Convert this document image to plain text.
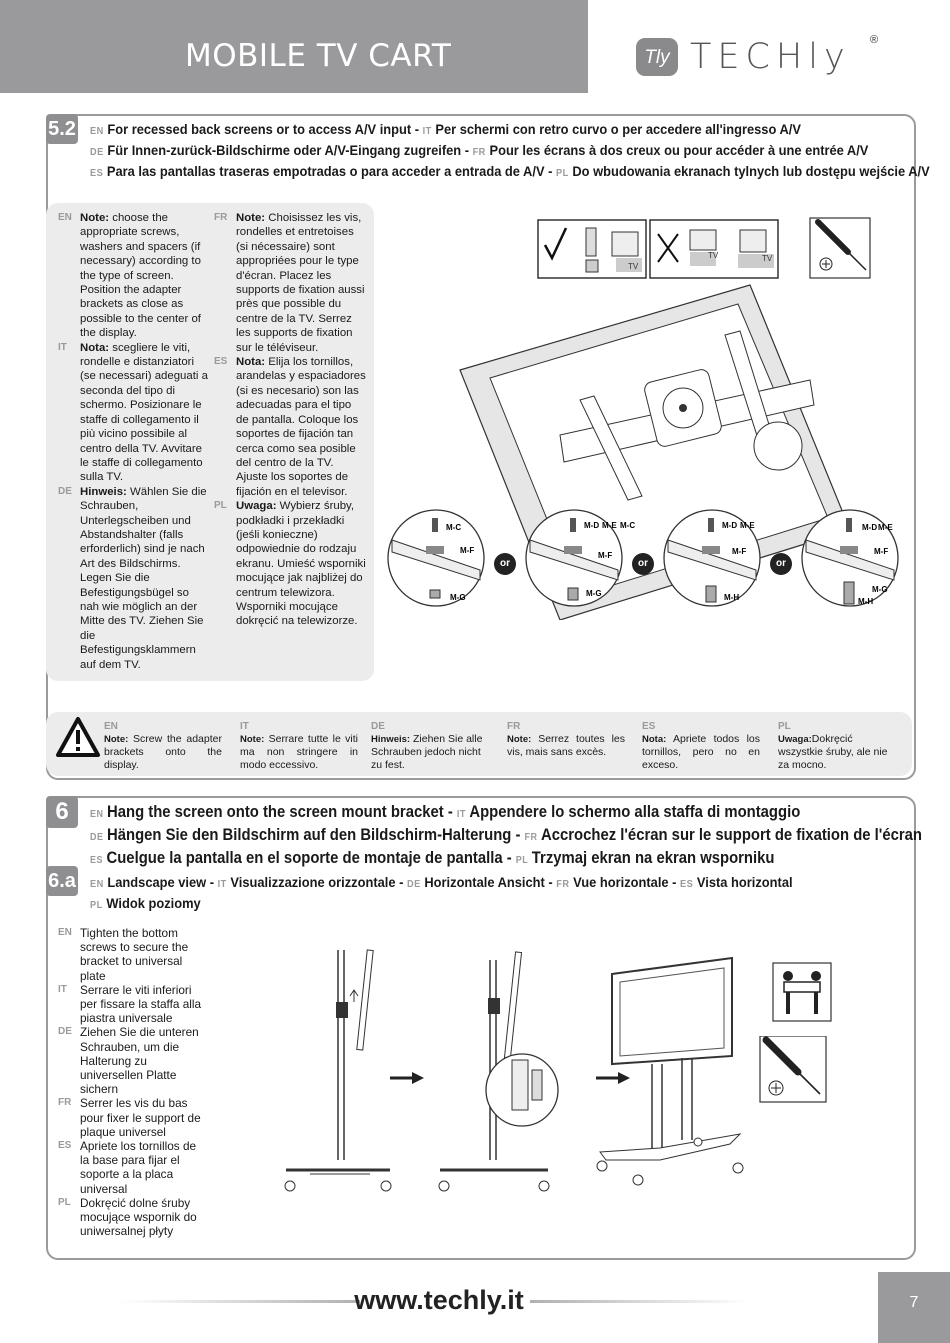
MOBILE TV CART	Tly TECHly ®
5.2 EN For recessed back screens or to access A/V input - IT Per schermi con retro curvo o per accedere all'ingresso A/V
DE Für Innen-zurück-Bildschirme oder A/V-Eingang zugreifen - FR Pour les écrans à dos creux ou pour accéder à une entrée A/V
ES Para las pantallas traseras empotradas o para acceder a entrada de A/V - PL Do wbudowania ekranach tylnych lub dostępu wejście A/V
EN Note: choose the appropriate screws, washers and spacers (if necessary) according to the type of screen. Position the adapter brackets as close as possible to the center of the display.
IT	Nota: scegliere le viti, rondelle e distanziatori (se necessari) adeguati a seconda del tipo di schermo. Posizionare le staffe di collegamento il più vicino possibile al centro della TV. Avvitare le staffe di collegamento sulla TV.
DE Hinweis: Wählen Sie die Schrauben, Unterlegscheiben und Abstandshalter (falls erforderlich) sind je nach Art des Bildschirms. Legen Sie die Befestigungsbügel so nah wie möglich an der Mitte des TV. Ziehen Sie die Befestigungsklammern auf dem TV.
FR Note: Choisissez les vis, rondelles et entretoises (si nécessaire) sont appropriées pour le type d'écran. Placez les supports de fixation aussi près que possible du centre de la TV. Serrez les supports de fixation sur le téléviseur.
ES Nota: Elija los tornillos, arandelas y espaciadores (si es necesario) son las adecuadas para el tipo de pantalla. Coloque los soportes de fijación tan cerca como sea posible del centro de la TV. Ajuste los soportes de fijación en el televisor.
PL Uwaga: Wybierz śruby, podkładki i przekładki (jeśli konieczne) odpowiednie do rodzaju ekranu. Umieść wsporniki mocujące jak najbliżej do centrum telewizora. Wsporniki mocujące dokręcić na telewizorze.
TV
TV	TV
M-C
M-F
M-G
M-D M-E M-C
M-F
M-G
M-D M-E
M-F
M-H
M-D M-E
M-F
M-G
M-H
or	or	or
EN
Note: Screw the adapter brackets onto the display.
IT
Note: Serrare tutte le viti ma non stringere in modo eccessivo.
DE
Hinweis: Ziehen Sie alle Schrauben jedoch nicht zu fest.
FR
Note: Serrez toutes les vis, mais sans excès.
ES
Nota: Apriete todos los tornillos, pero no en exceso.
PL
Uwaga:Dokręcić wszystkie śruby, ale nie za mocno.
6	EN Hang the screen onto the screen mount bracket - IT Appendere lo schermo alla staffa di montaggio
DE Hängen Sie den Bildschirm auf den Bildschirm-Halterung - FR Accrochez l'écran sur le support de fixation de l'écran
ES Cuelgue la pantalla en el soporte de montaje de pantalla - PL Trzymaj ekran na ekran wsporniku
6.a EN Landscape view - IT Visualizzazione orizzontale - DE Horizontale Ansicht - FR Vue horizontale - ES Vista horizontal
PL Widok poziomy
EN Tighten the bottom screws to secure the bracket to universal plate
IT	Serrare le viti inferiori per fissare la staffa alla piastra universale
DE Ziehen Sie die unteren Schrauben, um die Halterung zu universellen Platte sichern
FR Serrer les vis du bas pour fixer le support de plaque universel
ES Apriete los tornillos de la base para fijar el soporte a la placa universal
PL Dokręcić dolne śruby mocujące wspornik do uniwersalnej płyty
www.techly.it	7
